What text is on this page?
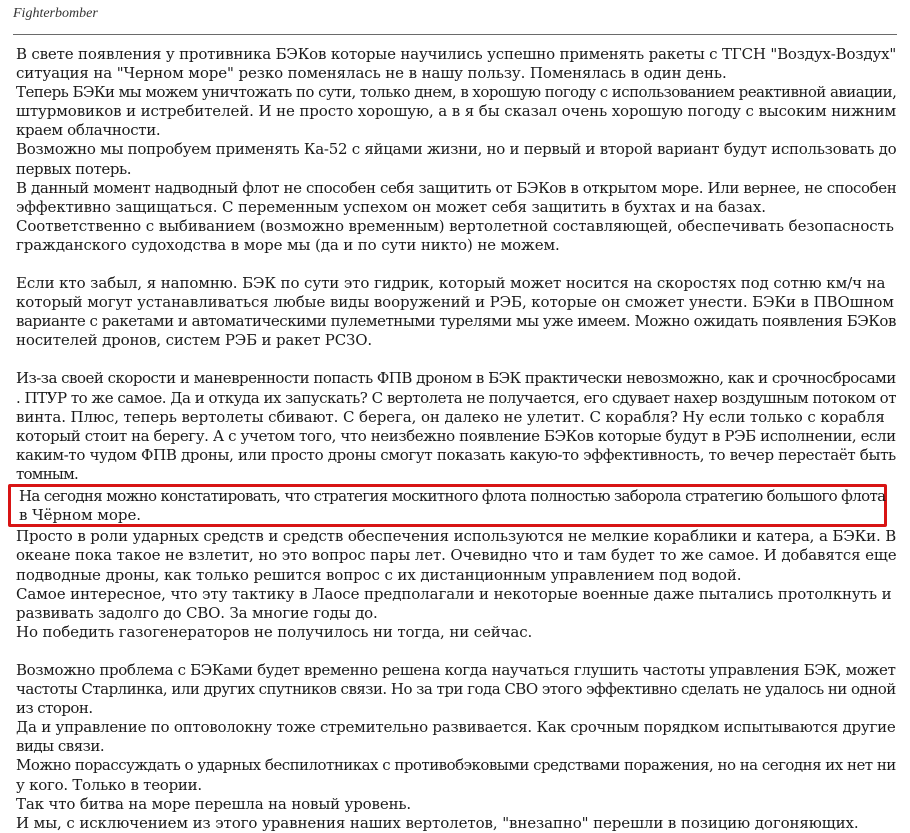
Fighterbomber

В свете появления у противника БЭКов которые научились успешно применять ракеты с ТГСН "Воздух-Воздух"
ситуация на "Черном море" резко поменялась не в нашу пользу. Поменялась в один день.
Теперь БЭКи мы можем уничтожать по сути, только днем, в хорошую погоду с использованием реактивной авиации,
штурмовиков и истребителей. И не просто хорошую, а в я бы сказал очень хорошую погоду с высоким нижним
краем облачности.
Возможно мы попробуем применять Ка-52 с яйцами жизни, но и первый и второй вариант будут использовать до
первых потерь.
В данный момент надводный флот не способен себя защитить от БЭКов в открытом море. Или вернее, не способен
эффективно защищаться. С переменным успехом он может себя защитить в бухтах и на базах.
Соответственно с выбиванием (возможно временным) вертолетной составляющей, обеспечивать безопасность
гражданского судоходства в море мы (да и по сути никто) не можем.
Если кто забыл, я напомню. БЭК по сути это гидрик, который может носится на скоростях под сотню км/ч на
который могут устанавливаться любые виды вооружений и РЭБ, которые он сможет унести. БЭКи в ПВОшном
варианте с ракетами и автоматическими пулеметными турелями мы уже имеем. Можно ожидать появления БЭКов
носителей дронов, систем РЭБ и ракет РСЗО.
Из-за своей скорости и маневренности попасть ФПВ дроном в БЭК практически невозможно, как и срочносбросами
. ПТУР то же самое. Да и откуда их запускать? С вертолета не получается, его сдувает нахер воздушным потоком от
винта. Плюс, теперь вертолеты сбивают. С берега, он далеко не улетит. С корабля? Ну если только с корабля
который стоит на берегу. А с учетом того, что неизбежно появление БЭКов которые будут в РЭБ исполнении, если
каким-то чудом ФПВ дроны, или просто дроны смогут показать какую-то эффективность, то вечер перестаёт быть
томным.
На сегодня можно констатировать, что стратегия москитного флота полностью заборола стратегию большого флота
в Чёрном море.
Просто в роли ударных средств и средств обеспечения используются не мелкие кораблики и катера, а БЭКи. В
океане пока такое не взлетит, но это вопрос пары лет. Очевидно что и там будет то же самое. И добавятся еще
подводные дроны, как только решится вопрос с их дистанционным управлением под водой.
Самое интересное, что эту тактику в Лаосе предполагали и некоторые военные даже пытались протолкнуть и
развивать задолго до СВО. За многие годы до.
Но победить газогенераторов не получилось ни тогда, ни сейчас.
Возможно проблема с БЭКами будет временно решена когда научаться глушить частоты управления БЭК, может
частоты Старлинка, или других спутников связи. Но за три года СВО этого эффективно сделать не удалось ни одной
из сторон.
Да и управление по оптоволокну тоже стремительно развивается. Как срочным порядком испытываются другие
виды связи.
Можно порассуждать о ударных беспилотниках с противобэковыми средствами поражения, но на сегодня их нет ни
у кого. Только в теории.
Так что битва на море перешла на новый уровень.
И мы, с исключением из этого уравнения наших вертолетов, "внезапно" перешли в позицию догоняющих.
